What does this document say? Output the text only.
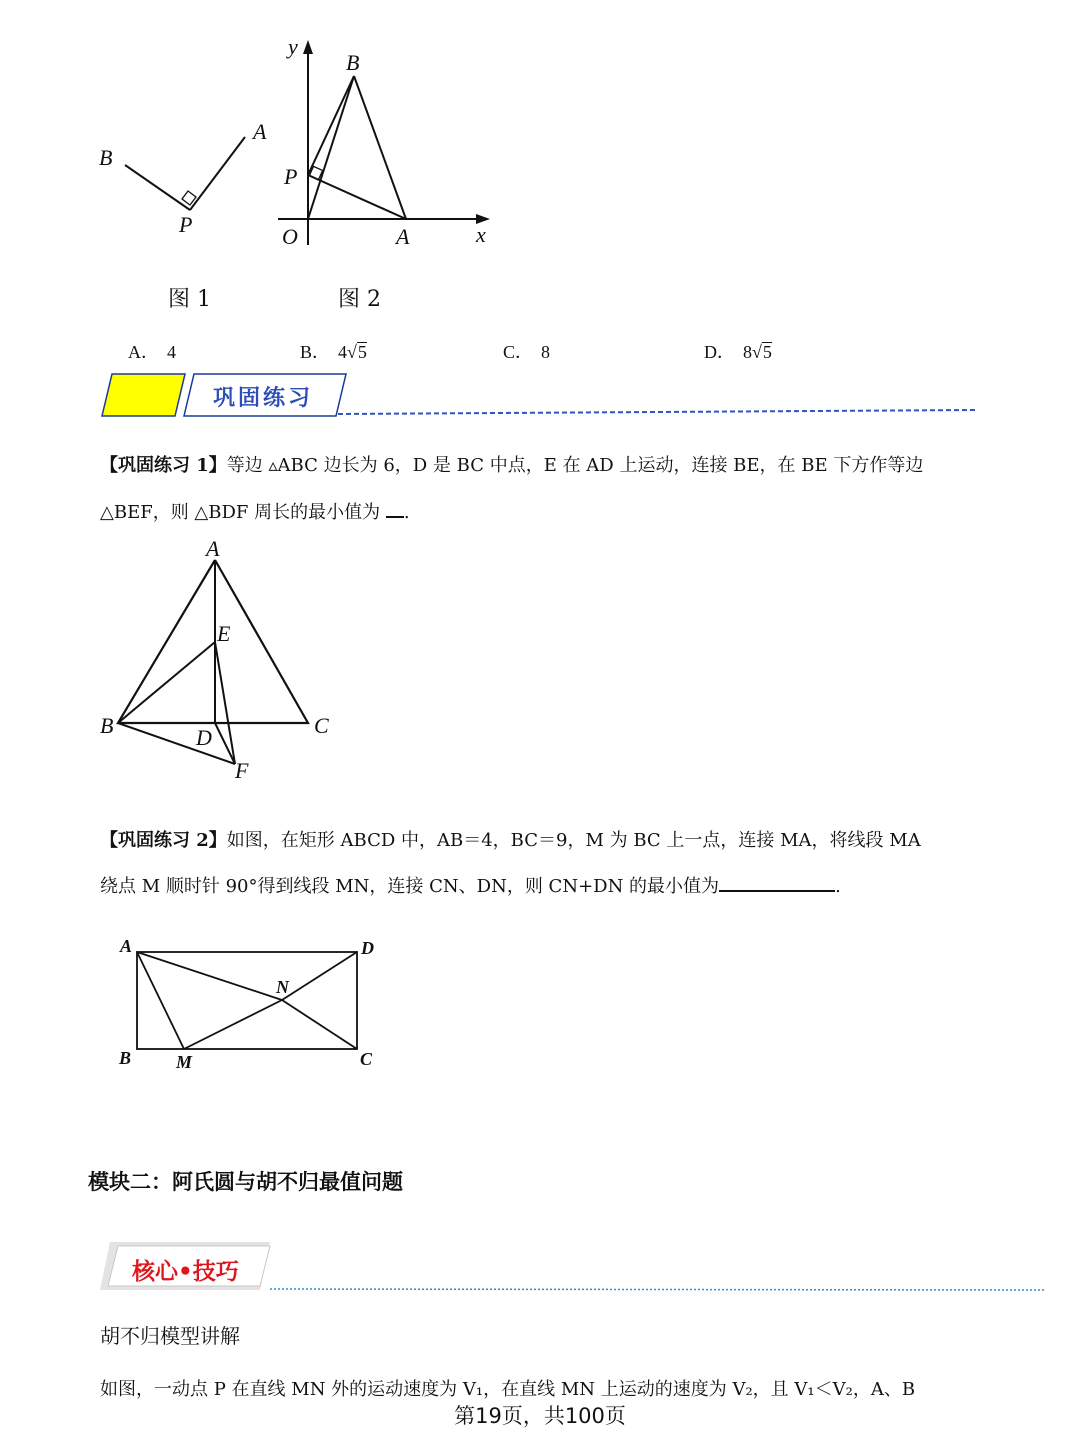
B
A
P
y
B
P
O	A	x
图 1	图 2
A． 4	B． 4√5	C． 8	D． 8√5
巩固练习
【巩固练习 1】等边 ▵ABC 边长为 6，D 是 BC 中点，E 在 AD 上运动，连接 BE，在 BE 下方作等边
△BEF，则 △BDF 周长的最小值为 .
A
E
B	D	C
F
【巩固练习 2】如图，在矩形 ABCD 中，AB＝4，BC＝9，M 为 BC 上一点，连接 MA，将线段 MA
绕点 M 顺时针 90°得到线段 MN，连接 CN、DN，则 CN+DN 的最小值为	.
A	D
N
B M	C
模块二：阿氏圆与胡不归最值问题
核心•技巧
胡不归模型讲解
如图，一动点 P 在直线 MN 外的运动速度为 V₁，在直线 MN 上运动的速度为 V₂，且 V₁＜V₂，A、B
第19页，共100页
